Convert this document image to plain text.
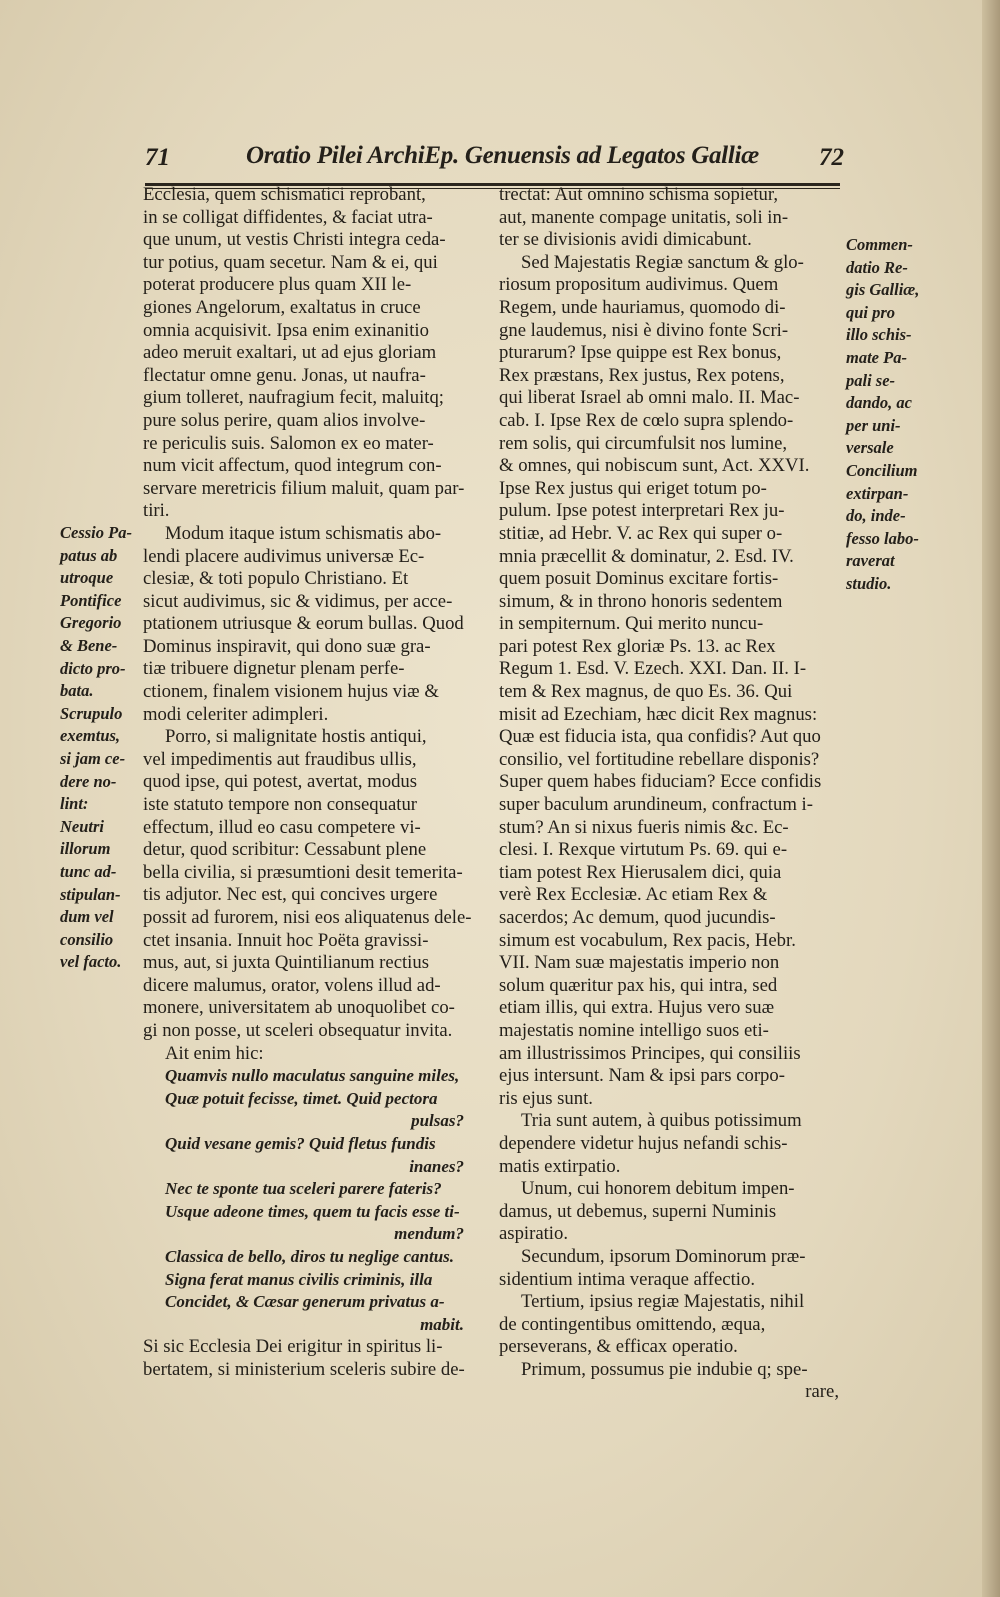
71	Oratio Pilei ArchiEp. Genuensis ad Legatos Galliæ 72
Ecclesia, quem schismatici reprobant,
in se colligat diffidentes, & faciat utra-
que unum, ut vestis Christi integra ceda-
tur potius, quam secetur. Nam & ei, qui
poterat producere plus quam XII le-
giones Angelorum, exaltatus in cruce
omnia acquisivit. Ipsa enim exinanitio
adeo meruit exaltari, ut ad ejus gloriam
flectatur omne genu. Jonas, ut naufra-
gium tolleret, naufragium fecit, maluitq;
pure solus perire, quam alios involve-
re periculis suis. Salomon ex eo mater-
num vicit affectum, quod integrum con-
servare meretricis filium maluit, quam par-
tiri.
Modum itaque istum schismatis abo-
lendi placere audivimus universæ Ec-
clesiæ, & toti populo Christiano. Et
sicut audivimus, sic & vidimus, per acce-
ptationem utriusque & eorum bullas. Quod
Dominus inspiravit, qui dono suæ gra-
tiæ tribuere dignetur plenam perfe-
ctionem, finalem visionem hujus viæ &
modi celeriter adimpleri.
Porro, si malignitate hostis antiqui,
vel impedimentis aut fraudibus ullis,
quod ipse, qui potest, avertat, modus
iste statuto tempore non consequatur
effectum, illud eo casu competere vi-
detur, quod scribitur: Cessabunt plene
bella civilia, si præsumtioni desit temerita-
tis adjutor. Nec est, qui concives urgere
possit ad furorem, nisi eos aliquatenus dele-
ctet insania. Innuit hoc Poëta gravissi-
mus, aut, si juxta Quintilianum rectius
dicere malumus, orator, volens illud ad-
monere, universitatem ab unoquolibet co-
gi non posse, ut sceleri obsequatur invita.
Ait enim hic:
Quamvis nullo maculatus sanguine miles,
Quæ potuit fecisse, timet. Quid pectora
pulsas?
Quid vesane gemis? Quid fletus fundis
inanes?
Nec te sponte tua sceleri parere fateris?
Usque adeone times, quem tu facis esse ti-
mendum?
Classica de bello, diros tu neglige cantus.
Signa ferat manus civilis criminis, illa
Concidet, & Cæsar generum privatus a-
mabit.
Si sic Ecclesia Dei erigitur in spiritus li-
bertatem, si ministerium sceleris subire de-
trectat: Aut omnino schisma sopietur,
aut, manente compage unitatis, soli in-
ter se divisionis avidi dimicabunt.
Sed Majestatis Regiæ sanctum & glo-
riosum propositum audivimus. Quem
Regem, unde hauriamus, quomodo di-
gne laudemus, nisi è divino fonte Scri-
pturarum? Ipse quippe est Rex bonus,
Rex præstans, Rex justus, Rex potens,
qui liberat Israel ab omni malo. II. Mac-
cab. I. Ipse Rex de cœlo supra splendo-
rem solis, qui circumfulsit nos lumine,
& omnes, qui nobiscum sunt, Act. XXVI.
Ipse Rex justus qui eriget totum po-
pulum. Ipse potest interpretari Rex ju-
stitiæ, ad Hebr. V. ac Rex qui super o-
mnia præcellit & dominatur, 2. Esd. IV.
quem posuit Dominus excitare fortis-
simum, & in throno honoris sedentem
in sempiternum. Qui merito nuncu-
pari potest Rex gloriæ Ps. 13. ac Rex
Regum 1. Esd. V. Ezech. XXI. Dan. II. I-
tem & Rex magnus, de quo Es. 36. Qui
misit ad Ezechiam, hæc dicit Rex magnus:
Quæ est fiducia ista, qua confidis? Aut quo
consilio, vel fortitudine rebellare disponis?
Super quem habes fiduciam? Ecce confidis
super baculum arundineum, confractum i-
stum? An si nixus fueris nimis &c. Ec-
clesi. I. Rexque virtutum Ps. 69. qui e-
tiam potest Rex Hierusalem dici, quia
verè Rex Ecclesiæ. Ac etiam Rex &
sacerdos; Ac demum, quod jucundis-
simum est vocabulum, Rex pacis, Hebr.
VII. Nam suæ majestatis imperio non
solum quæritur pax his, qui intra, sed
etiam illis, qui extra. Hujus vero suæ
majestatis nomine intelligo suos eti-
am illustrissimos Principes, qui consiliis
ejus intersunt. Nam & ipsi pars corpo-
ris ejus sunt.
Tria sunt autem, à quibus potissimum
dependere videtur hujus nefandi schis-
matis extirpatio.
Unum, cui honorem debitum impen-
damus, ut debemus, superni Numinis
aspiratio.
Secundum, ipsorum Dominorum præ-
sidentium intima veraque affectio.
Tertium, ipsius regiæ Majestatis, nihil
de contingentibus omittendo, æqua,
perseverans, & efficax operatio.
Primum, possumus pie indubie q; spe-
rare,
Cessio Pa-
patus ab
utroque
Pontifice
Gregorio
& Bene-
dicto pro-
bata.
Scrupulo
exemtus,
si jam ce-
dere no-
lint:
Neutri
illorum
tunc ad-
stipulan-
dum vel
consilio
vel facto.
Commen-
datio Re-
gis Galliæ,
qui pro
illo schis-
mate Pa-
pali se-
dando, ac
per uni-
versale
Concilium
extirpan-
do, inde-
fesso labo-
raverat
studio.
